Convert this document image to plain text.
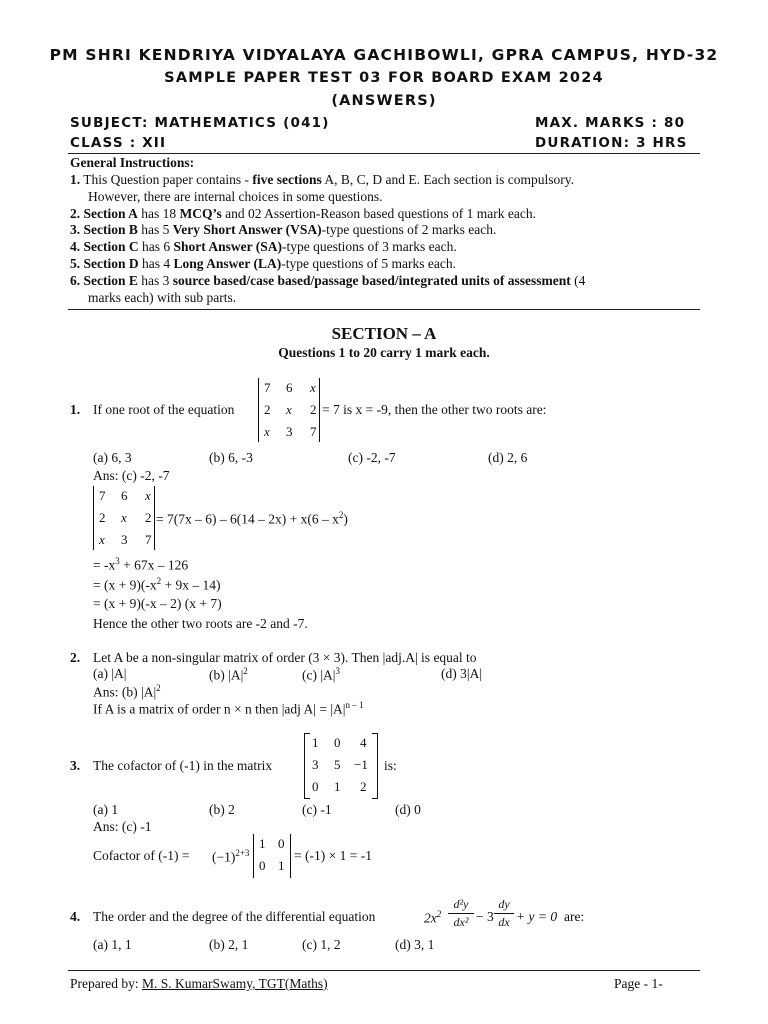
PM SHRI KENDRIYA VIDYALAYA GACHIBOWLI, GPRA CAMPUS, HYD-32
SAMPLE PAPER TEST 03 FOR BOARD EXAM 2024
(ANSWERS)
SUBJECT: MATHEMATICS (041)	MAX. MARKS : 80
CLASS : XII	DURATION: 3 HRS
General Instructions:
1. This Question paper contains - five sections A, B, C, D and E. Each section is compulsory.
However, there are internal choices in some questions.
2. Section A has 18 MCQ’s and 02 Assertion-Reason based questions of 1 mark each.
3. Section B has 5 Very Short Answer (VSA)-type questions of 2 marks each.
4. Section C has 6 Short Answer (SA)-type questions of 3 marks each.
5. Section D has 4 Long Answer (LA)-type questions of 5 marks each.
6. Section E has 3 source based/case based/passage based/integrated units of assessment (4
marks each) with sub parts.
SECTION – A
Questions 1 to 20 carry 1 mark each.
1. If one root of the equation
7 6 x
2 x 2
x 3 7
= 7 is x = -9, then the other two roots are:
(a) 6, 3	(b) 6, -3	(c) -2, -7	(d) 2, 6
Ans: (c) -2, -7
7 6 x
2 x 2
x 3 7
= $7(7x - 6) - 6(14 - 2x) + x(6 - x^2)$
= $-x^3 + 67x - 126$
= $(x + 9)(-x^2 + 9x - 14)$
= (x + 9)(-x – 2) (x + 7)
Hence the other two roots are -2 and -7.
2. Let A be a non-singular matrix of order (3 × 3). Then |adj.A| is equal to
(a) |A|	(b) $|A|^2$	(c) $|A|^3$	(d) 3|A|
Ans: (b) $|A|^2$
If A is a matrix of order n × n then |adj $A| = |A|^{n - 1}$
3. The cofactor of (-1) in the matrix
1 0 4
3 5 −1
0 1 2
is:
(a) 1	(b) 2	(c) -1	(d) 0
Ans: (c) -1
Cofactor of $(-1) = (-1)^{2+3}$
1 0
0 1
= (-1) × 1 = -1
4. The order and the degree of the differential equation	$2x^2$
d²y
dx² − 3
dy
dx + y = 0 are:
(a) 1, 1	(b) 2, 1	(c) 1, 2	(d) 3, 1
Prepared by: M. S. KumarSwamy, TGT(Maths)	Page - 1-
